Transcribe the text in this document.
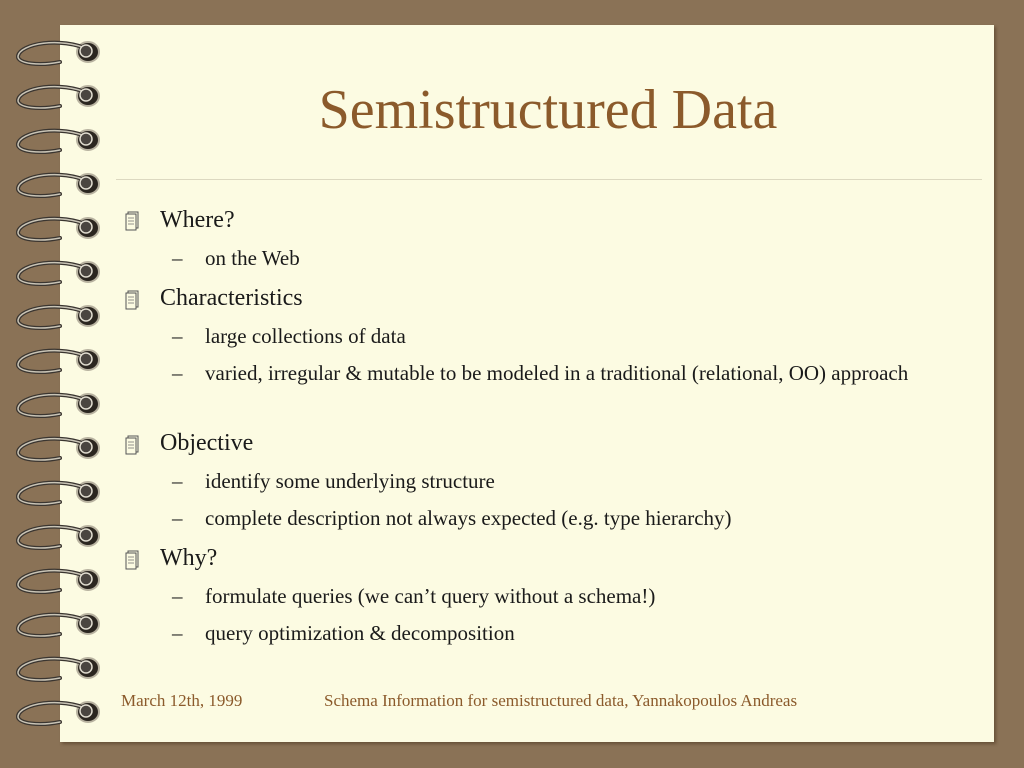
Semistructured Data
Where?
– on the Web
Characteristics
– large collections of data
– varied, irregular & mutable to be modeled in a traditional (relational, OO) approach
Objective
– identify some underlying structure
– complete description not always expected (e.g. type hierarchy)
Why?
– formulate queries (we can’t query without a schema!)
– query optimization & decomposition
March 12th, 1999	Schema Information for semistructured data, Yannakopoulos Andreas
